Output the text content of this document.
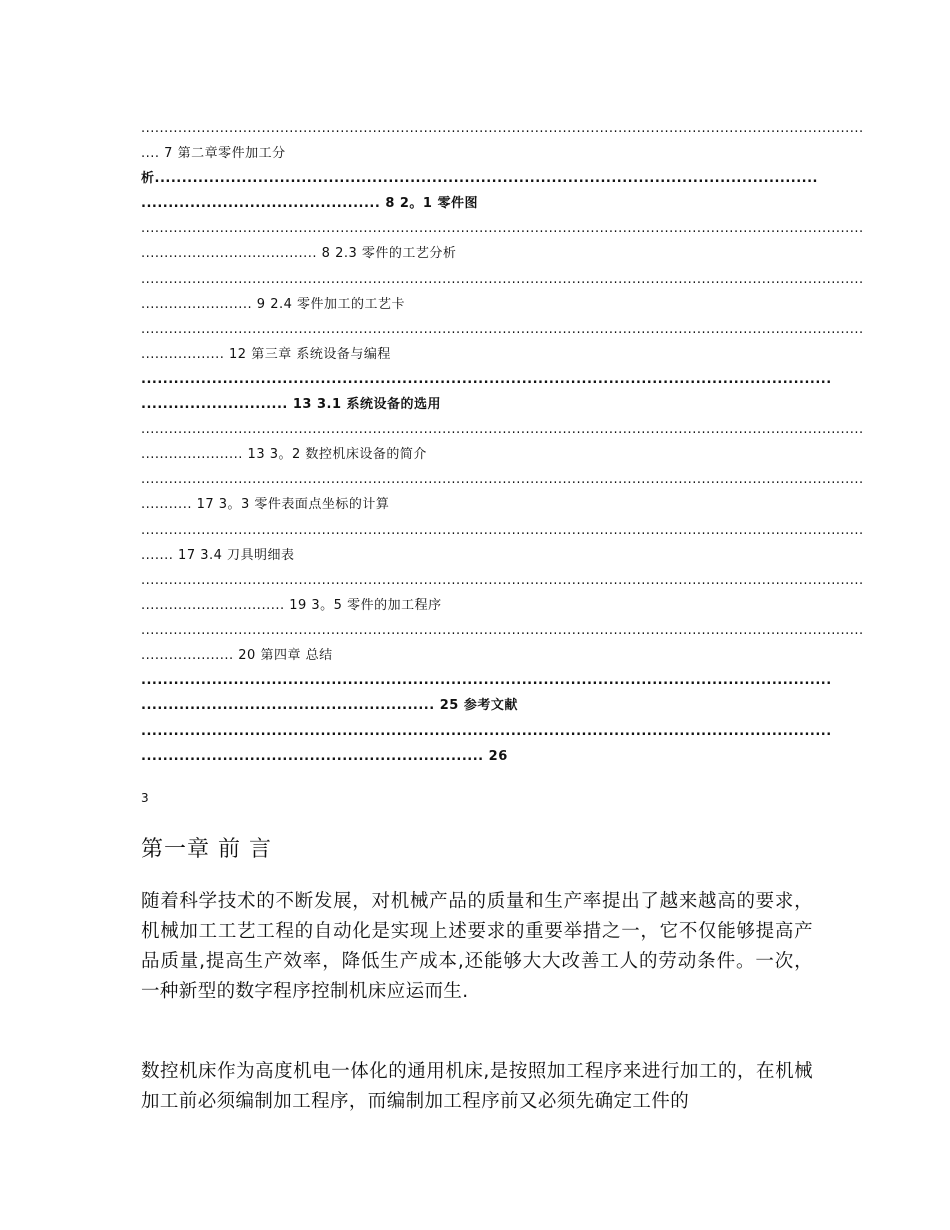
............................................................................................................................................................
.... 7 第二章零件加工分
析..........................................................................................................................
............................................ 8 2。1 零件图
............................................................................................................................................................
...................................... 8 2.3 零件的工艺分析
............................................................................................................................................................
........................ 9 2.4 零件加工的工艺卡
............................................................................................................................................................
.................. 12 第三章 系统设备与编程
...............................................................................................................................
........................... 13 3.1 系统设备的选用
............................................................................................................................................................
...................... 13 3。2 数控机床设备的简介
............................................................................................................................................................
........... 17 3。3 零件表面点坐标的计算
............................................................................................................................................................
....... 17 3.4 刀具明细表
............................................................................................................................................................
............................... 19 3。5 零件的加工程序
............................................................................................................................................................
.................... 20 第四章 总结
...............................................................................................................................
...................................................... 25 参考文献
...............................................................................................................................
............................................................... 26
3
第一章 前 言
随着科学技术的不断发展，对机械产品的质量和生产率提出了越来越高的要求，机械加工工艺工程的自动化是实现上述要求的重要举措之一，它不仅能够提高产品质量,提高生产效率，降低生产成本,还能够大大改善工人的劳动条件。一次，一种新型的数字程序控制机床应运而生.
数控机床作为高度机电一体化的通用机床,是按照加工程序来进行加工的，在机械加工前必须编制加工程序，而编制加工程序前又必须先确定工件的
